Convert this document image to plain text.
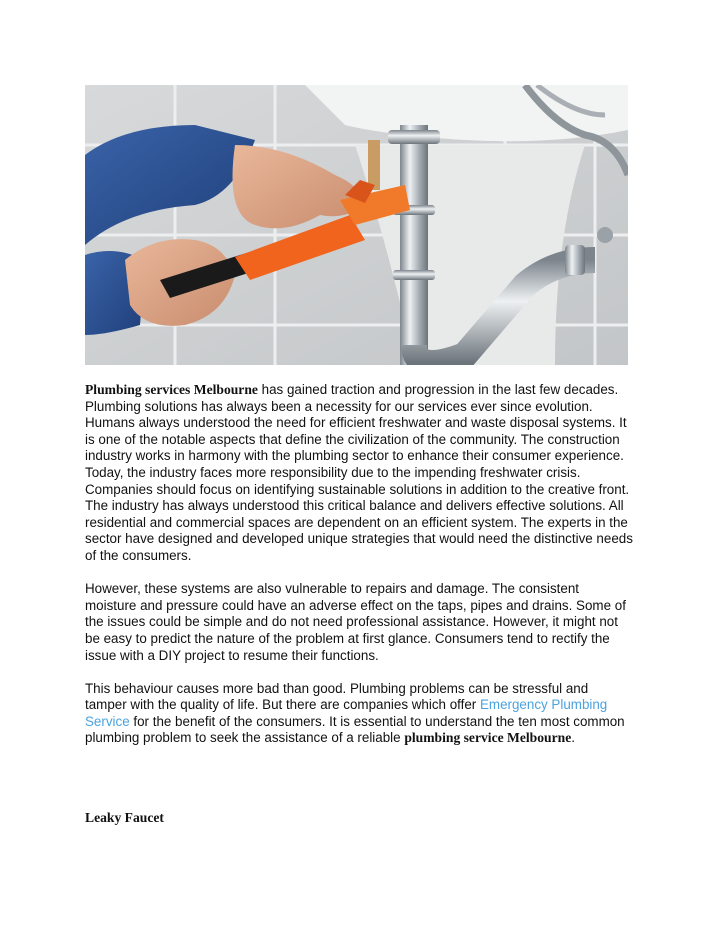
Plumbing services Melbourne has gained traction and progression in the last few decades. Plumbing solutions has always been a necessity for our services ever since evolution. Humans always understood the need for efficient freshwater and waste disposal systems. It is one of the notable aspects that define the civilization of the community. The construction industry works in harmony with the plumbing sector to enhance their consumer experience. Today, the industry faces more responsibility due to the impending freshwater crisis.

Companies should focus on identifying sustainable solutions in addition to the creative front. The industry has always understood this critical balance and delivers effective solutions. All residential and commercial spaces are dependent on an efficient system. The experts in the sector have designed and developed unique strategies that would need the distinctive needs of the consumers.

However, these systems are also vulnerable to repairs and damage. The consistent moisture and pressure could have an adverse effect on the taps, pipes and drains. Some of the issues could be simple and do not need professional assistance. However, it might not be easy to predict the nature of the problem at first glance. Consumers tend to rectify the issue with a DIY project to resume their functions.

This behaviour causes more bad than good. Plumbing problems can be stressful and tamper with the quality of life. But there are companies which offer Emergency Plumbing Service for the benefit of the consumers. It is essential to understand the ten most common plumbing problem to seek the assistance of a reliable plumbing service Melbourne.

Leaky Faucet
